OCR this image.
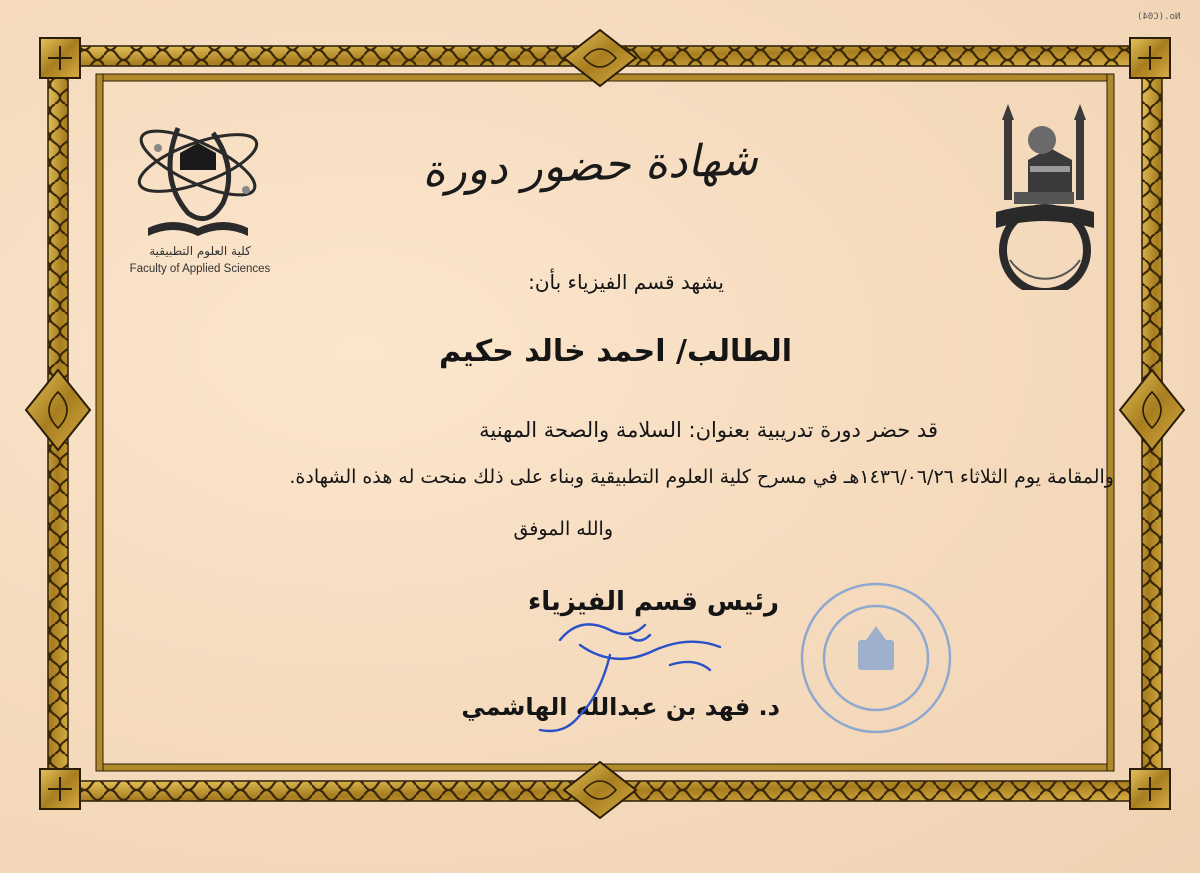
No.(C04)
كلية العلوم التطبيقية
Faculty of Applied Sciences
شهادة حضور دورة
يشهد قسم الفيزياء بأن:
الطالب/ احمد خالد حكيم
قد حضر دورة تدريبية بعنوان: السلامة والصحة المهنية
والمقامة يوم الثلاثاء ١٤٣٦/٠٦/٢٦هـ في مسرح كلية العلوم التطبيقية وبناء على ذلك منحت له هذه الشهادة.
والله الموفق
رئيس قسم الفيزياء
د. فهد بن عبدالله الهاشمي
